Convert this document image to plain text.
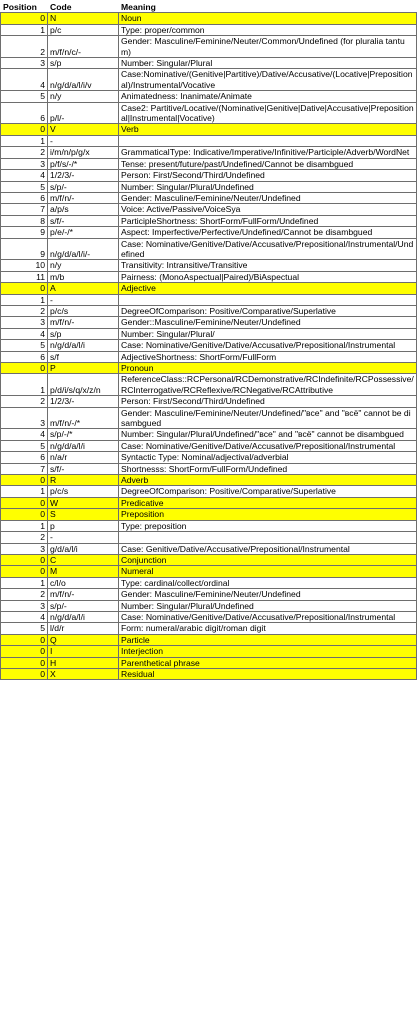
Position	Code	Meaning
0	N	Noun
1	p/c	Type: proper/common
2	m/f/n/c/-	Gender: Masculine/Feminine/Neuter/Common/Undefined (for pluralia tantum)
3	s/p	Number: Singular/Plural
4	n/g/d/a/l/i/v	Case:Nominative/(Genitive|Partitive)/Dative/Accusative/(Locative|Prepositional)/Instrumental/Vocative
5	n/y	Animatedness: Inanimate/Animate
6	p/l/-	Case2: Partitive/Locative/(Nominative|Genitive|Dative|Accusative|Prepositional|Instrumental|Vocative)
0	V	Verb
1	-	
2	i/m/n/p/g/x	GrammaticalType: Indicative/Imperative/Infinitive/Participle/Adverb/WordNet
3	p/f/s/-/*	Tense: present/future/past/Undefined/Cannot be disambgued
4	1/2/3/-	Person: First/Second/Third/Undefined
5	s/p/-	Number: Singular/Plural/Undefined
6	m/f/n/-	Gender: Masculine/Feminine/Neuter/Undefined
7	a/p/s	Voice: Active/Passive/VoiceSya
8	s/f/-	ParticipleShortness: ShortForm/FullForm/Undefined
9	p/e/-/*	Aspect: Imperfective/Perfective/Undefined/Cannot be disambgued
9	n/g/d/a/l/i/-	Case: Nominative/Genitive/Dative/Accusative/Prepositional/Instrumental/Undefined
10	n/y	Transitivity: Intransitive/Transitive
11	m/b	Pairness: (MonoAspectual|Paired)/BiAspectual
0	A	Adjective
1	-	
2	p/c/s	DegreeOfComparison: Positive/Comparative/Superlative
3	m/f/n/-	Gender::Masculine/Feminine/Neuter/Undefined
4	s/p	Number: Singular/Plural/
5	n/g/d/a/l/i	Case: Nominative/Genitive/Dative/Accusative/Prepositional/Instrumental
6	s/f	AdjectiveShortness: ShortForm/FullForm
0	P	Pronoun
1	p/d/i/s/q/x/z/n	ReferenceClass::RCPersonal/RCDemonstrative/RCIndefinite/RCPossessive/RCInterrogative/RCReflexive/RCNegative/RCAttributive
2	1/2/3/-	Person: First/Second/Third/Undefined
3	m/f/n/-/*	Gender: Masculine/Feminine/Neuter/Undefined/"все" and "всё" cannot be disambgued
4	s/p/-/*	Number: Singular/Plural/Undefined/"все" and "всё" cannot be disambgued
5	n/g/d/a/l/i	Case: Nominative/Genitive/Dative/Accusative/Prepositional/Instrumental
6	n/a/r	Syntactic Type: Nominal/adjectival/adverbial
7	s/f/-	Shortnesss: ShortForm/FullForm/Undefined
0	R	Adverb
1	p/c/s	DegreeOfComparison: Positive/Comparative/Superlative
0	W	Predicative
0	S	Preposition
1	p	Type: preposition
2	-	
3	g/d/a/l/i	Case: Genitive/Dative/Accusative/Prepositional/Instrumental
0	C	Conjunction
0	M	Numeral
1	c/l/o	Type: cardinal/collect/ordinal
2	m/f/n/-	Gender: Masculine/Feminine/Neuter/Undefined
3	s/p/-	Number: Singular/Plural/Undefined
4	n/g/d/a/l/i	Case: Nominative/Genitive/Dative/Accusative/Prepositional/Instrumental
5	l/d/r	Form: numeral/arabic digit/roman digit
0	Q	Particle
0	I	Interjection
0	H	Parenthetical phrase
0	X	Residual
